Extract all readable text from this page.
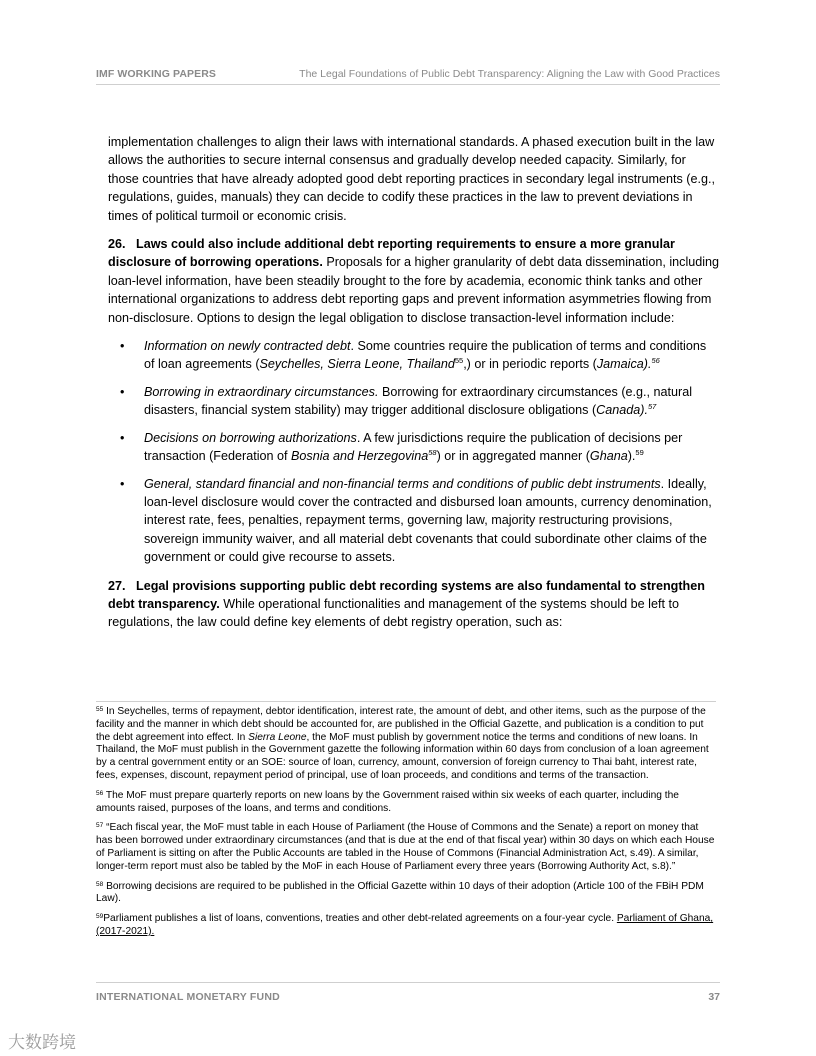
IMF WORKING PAPERS	The Legal Foundations of Public Debt Transparency: Aligning the Law with Good Practices

implementation challenges to align their laws with international standards. A phased execution built in the law allows the authorities to secure internal consensus and gradually develop needed capacity. Similarly, for those countries that have already adopted good debt reporting practices in secondary legal instruments (e.g., regulations, guides, manuals) they can decide to codify these practices in the law to prevent deviations in times of political turmoil or economic crisis.

26. Laws could also include additional debt reporting requirements to ensure a more granular disclosure of borrowing operations. Proposals for a higher granularity of debt data dissemination, including loan-level information, have been steadily brought to the fore by academia, economic think tanks and other international organizations to address debt reporting gaps and prevent information asymmetries flowing from non-disclosure. Options to design the legal obligation to disclose transaction-level information include:

• Information on newly contracted debt. Some countries require the publication of terms and conditions of loan agreements (Seychelles, Sierra Leone, Thailand$^{55}$,) or in periodic reports (Jamaica).$^{56}$
• Borrowing in extraordinary circumstances. Borrowing for extraordinary circumstances (e.g., natural disasters, financial system stability) may trigger additional disclosure obligations (Canada).$^{57}$
• Decisions on borrowing authorizations. A few jurisdictions require the publication of decisions per transaction (Federation of Bosnia and Herzegovina$^{58}$) or in aggregated manner (Ghana).$^{59}$
• General, standard financial and non-financial terms and conditions of public debt instruments. Ideally, loan-level disclosure would cover the contracted and disbursed loan amounts, currency denomination, interest rate, fees, penalties, repayment terms, governing law, majority restructuring provisions, sovereign immunity waiver, and all material debt covenants that could subordinate other claims of the government or could give recourse to assets.

27. Legal provisions supporting public debt recording systems are also fundamental to strengthen debt transparency. While operational functionalities and management of the systems should be left to regulations, the law could define key elements of debt registry operation, such as:

$^{55}$ In Seychelles, terms of repayment, debtor identification, interest rate, the amount of debt, and other items, such as the purpose of the facility and the manner in which debt should be accounted for, are published in the Official Gazette, and publication is a condition to put the debt agreement into effect. In Sierra Leone, the MoF must publish by government notice the terms and conditions of new loans. In Thailand, the MoF must publish in the Government gazette the following information within 60 days from conclusion of a loan agreement by a central government entity or an SOE: source of loan, currency, amount, conversion of foreign currency to Thai baht, interest rate, fees, expenses, discount, repayment period of principal, use of loan proceeds, and conditions and terms of the transaction.

$^{56}$ The MoF must prepare quarterly reports on new loans by the Government raised within six weeks of each quarter, including the amounts raised, purposes of the loans, and terms and conditions.

$^{57}$ “Each fiscal year, the MoF must table in each House of Parliament (the House of Commons and the Senate) a report on money that has been borrowed under extraordinary circumstances (and that is due at the end of that fiscal year) within 30 days on which each House of Parliament is sitting on after the Public Accounts are tabled in the House of Commons (Financial Administration Act, s.49). A similar, longer-term report must also be tabled by the MoF in each House of Parliament every three years (Borrowing Authority Act, s.8).”

$^{58}$ Borrowing decisions are required to be published in the Official Gazette within 10 days of their adoption (Article 100 of the FBiH PDM Law).

$^{59}$Parliament publishes a list of loans, conventions, treaties and other debt-related agreements on a four-year cycle. Parliament of Ghana, (2017-2021).

INTERNATIONAL MONETARY FUND	37
大数跨境
